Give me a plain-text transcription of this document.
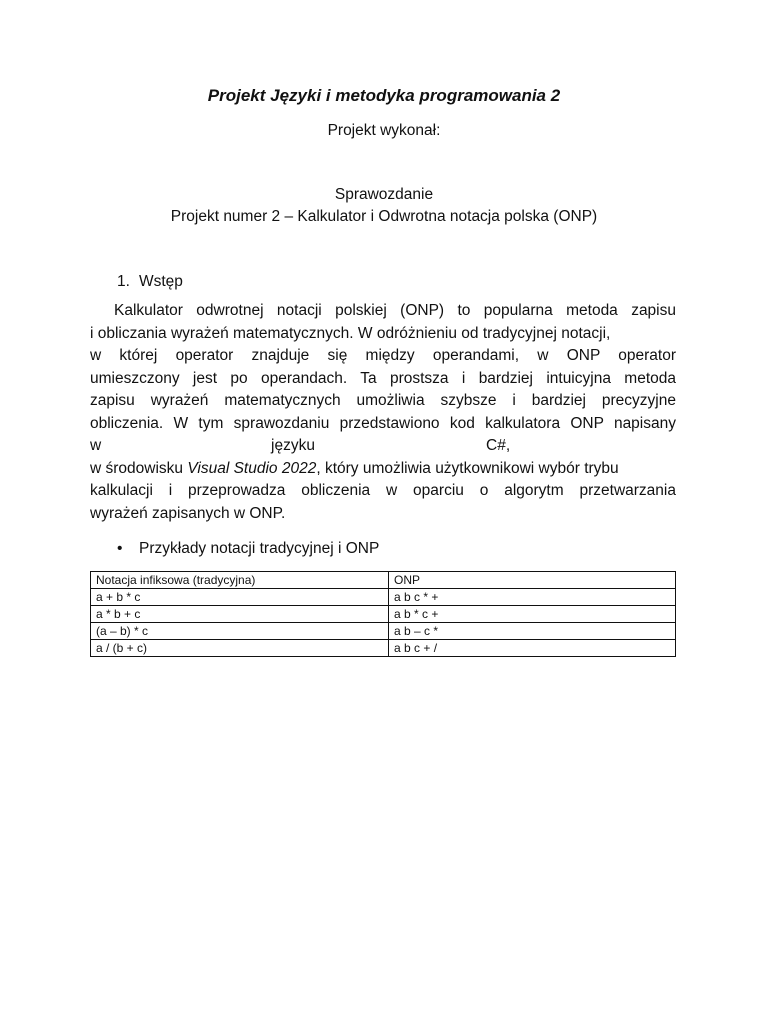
Projekt Języki i metodyka programowania 2
Projekt wykonał:
Sprawozdanie
Projekt numer 2 – Kalkulator i Odwrotna notacja polska (ONP)
1. Wstęp
Kalkulator odwrotnej notacji polskiej (ONP) to popularna metoda zapisu
i obliczania wyrażeń matematycznych. W odróżnieniu od tradycyjnej notacji,
w której operator znajduje się między operandami, w ONP operator
umieszczony jest po operandach. Ta prostsza i bardziej intuicyjna metoda
zapisu wyrażeń matematycznych umożliwia szybsze i bardziej precyzyjne
obliczenia. W tym sprawozdaniu przedstawiono kod kalkulatora ONP napisany
w	języku	C#,
w środowisku Visual Studio 2022, który umożliwia użytkownikowi wybór trybu
kalkulacji i przeprowadza obliczenia w oparciu o algorytm przetwarzania
wyrażeń zapisanych w ONP.
• Przykłady notacji tradycyjnej i ONP
Notacja infiksowa (tradycyjna)	ONP
a + b * c	a b c * +
a * b + c	a b * c +
(a – b) * c	a b – c *
a / (b + c)	a b c + /
